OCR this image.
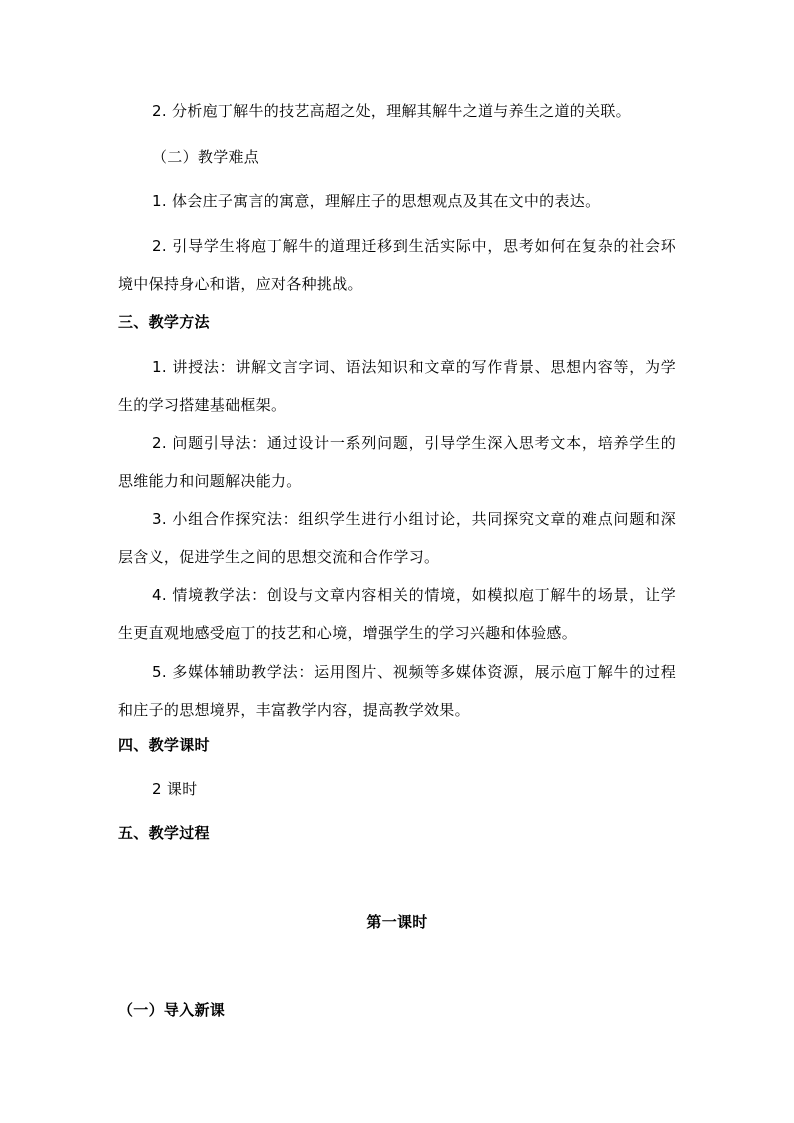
2. 分析庖丁解牛的技艺高超之处，理解其解牛之道与养生之道的关联。

（二）教学难点

1. 体会庄子寓言的寓意，理解庄子的思想观点及其在文中的表达。

2. 引导学生将庖丁解牛的道理迁移到生活实际中，思考如何在复杂的社会环境中保持身心和谐，应对各种挑战。

三、教学方法

1. 讲授法：讲解文言字词、语法知识和文章的写作背景、思想内容等，为学生的学习搭建基础框架。

2. 问题引导法：通过设计一系列问题，引导学生深入思考文本，培养学生的思维能力和问题解决能力。

3. 小组合作探究法：组织学生进行小组讨论，共同探究文章的难点问题和深层含义，促进学生之间的思想交流和合作学习。

4. 情境教学法：创设与文章内容相关的情境，如模拟庖丁解牛的场景，让学生更直观地感受庖丁的技艺和心境，增强学生的学习兴趣和体验感。

5. 多媒体辅助教学法：运用图片、视频等多媒体资源，展示庖丁解牛的过程和庄子的思想境界，丰富教学内容，提高教学效果。

四、教学课时

2 课时

五、教学过程

第一课时

（一）导入新课
